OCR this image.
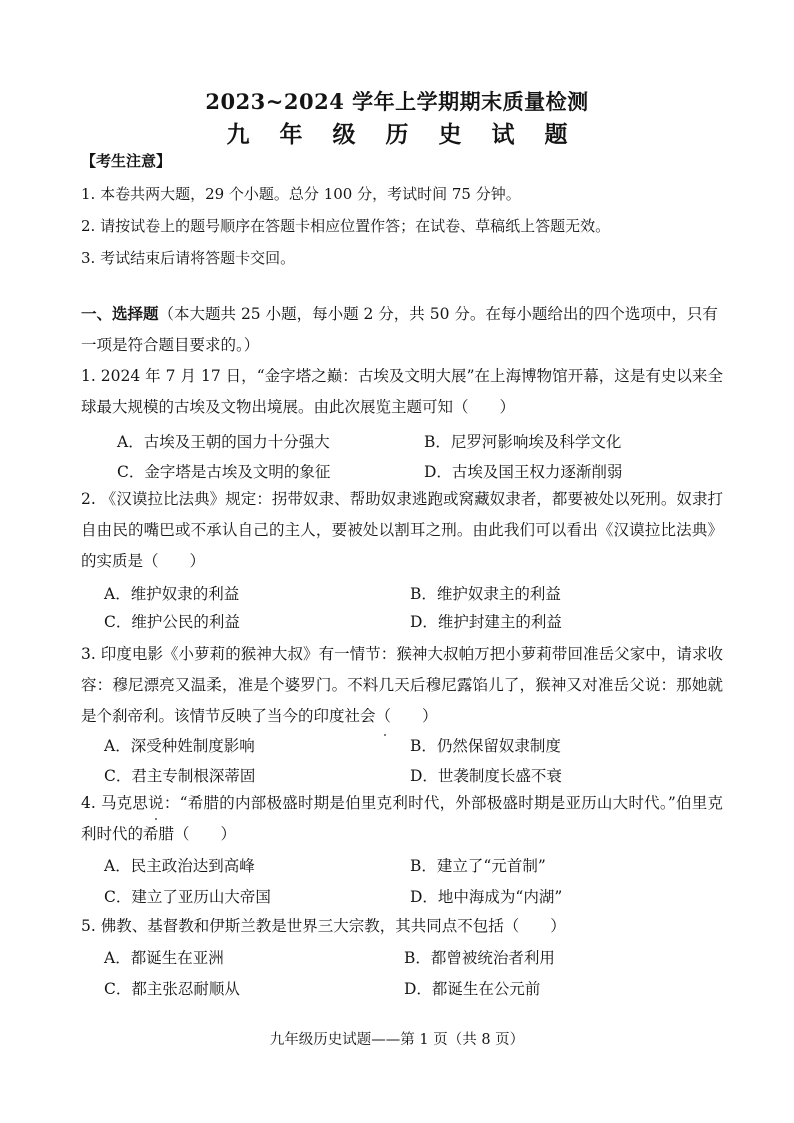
2023~2024 学年上学期期末质量检测
九年级历史试题
【考生注意】
1. 本卷共两大题，29 个小题。总分 100 分，考试时间 75 分钟。
2. 请按试卷上的题号顺序在答题卡相应位置作答；在试卷、草稿纸上答题无效。
3. 考试结束后请将答题卡交回。
一、选择题（本大题共 25 小题，每小题 2 分，共 50 分。在每小题给出的四个选项中，只有一项是符合题目要求的。）
1. 2024 年 7 月 17 日，“金字塔之巅：古埃及文明大展”在上海博物馆开幕，这是有史以来全球最大规模的古埃及文物出境展。由此次展览主题可知（　　）
A．古埃及王朝的国力十分强大	B．尼罗河影响埃及科学文化
C．金字塔是古埃及文明的象征	D．古埃及国王权力逐渐削弱
2. 《汉谟拉比法典》规定：拐带奴隶、帮助奴隶逃跑或窝藏奴隶者，都要被处以死刑。奴隶打自由民的嘴巴或不承认自己的主人，要被处以割耳之刑。由此我们可以看出《汉谟拉比法典》的实质是（　　）
A．维护奴隶的利益	B．维护奴隶主的利益
C．维护公民的利益	D．维护封建主的利益
3. 印度电影《小萝莉的猴神大叔》有一情节：猴神大叔帕万把小萝莉带回准岳父家中，请求收容：穆尼漂亮又温柔，准是个婆罗门。不料几天后穆尼露馅儿了，猴神又对准岳父说：那她就是个刹帝利。该情节反映了当今的印度社会（　　）
A．深受种姓制度影响	B．仍然保留奴隶制度
C．君主专制根深蒂固	D．世袭制度长盛不衰
4. 马克思说：“希腊的内部极盛时期是伯里克利时代，外部极盛时期是亚历山大时代。”伯里克利时代的希腊（　　）
A．民主政治达到高峰	B．建立了“元首制”
C．建立了亚历山大帝国	D．地中海成为“内湖”
5. 佛教、基督教和伊斯兰教是世界三大宗教，其共同点不包括（　　）
A．都诞生在亚洲	B．都曾被统治者利用
C．都主张忍耐顺从	D．都诞生在公元前
九年级历史试题——第 1 页（共 8 页）
